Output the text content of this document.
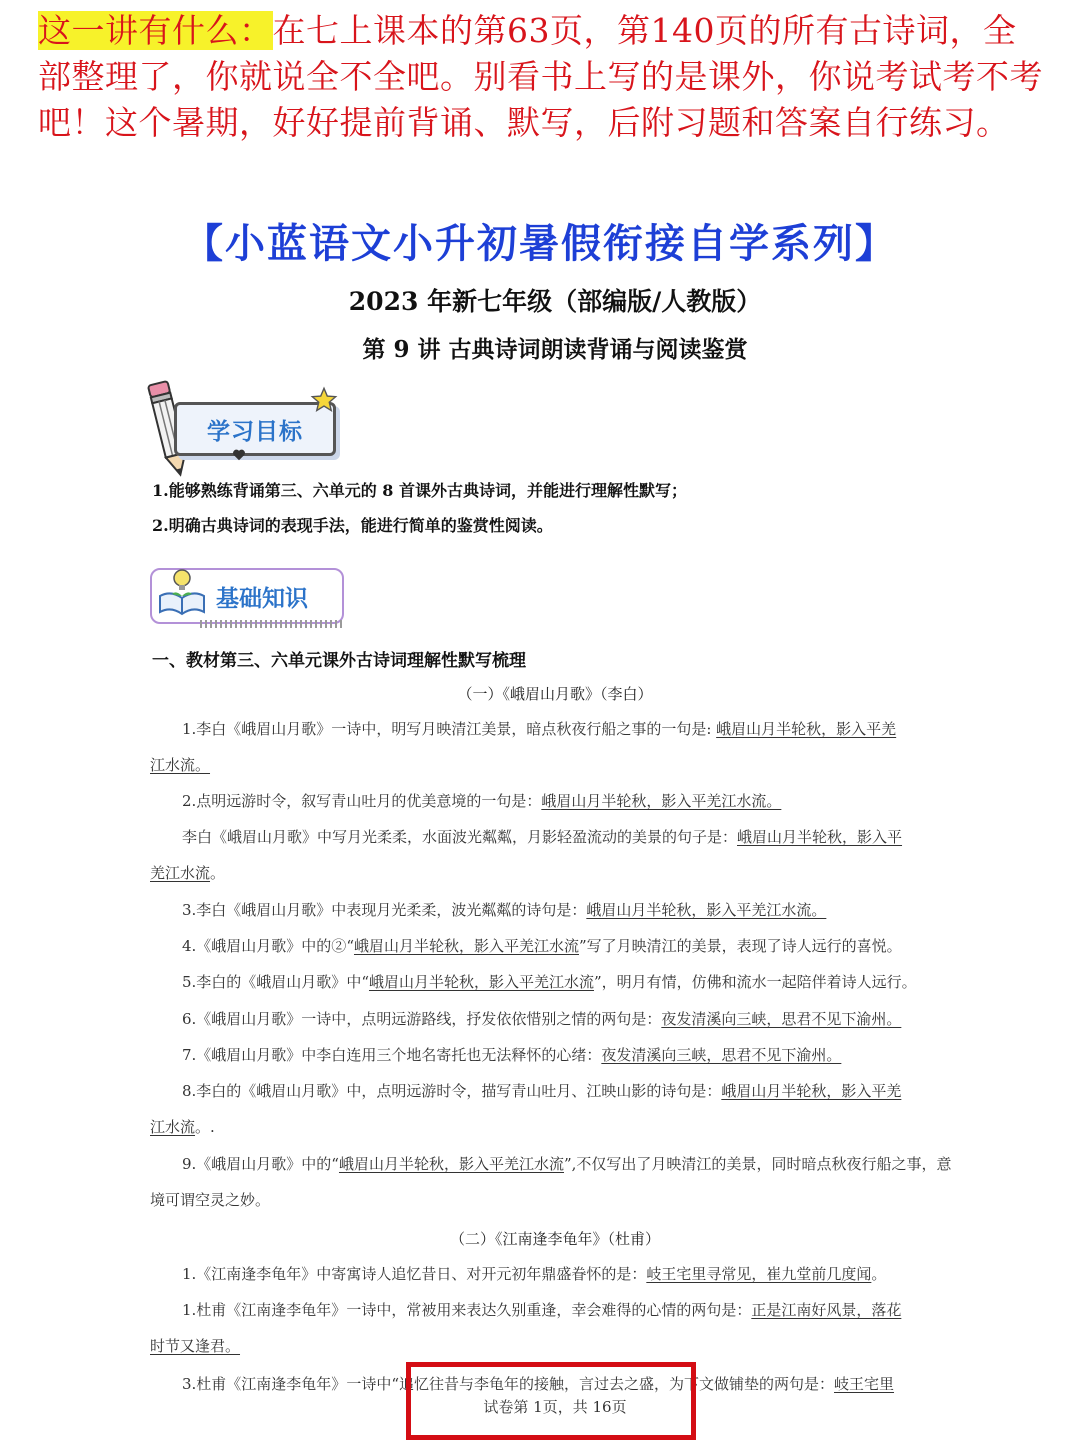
这一讲有什么：在七上课本的第63页，第140页的所有古诗词，全部整理了，你就说全不全吧。别看书上写的是课外，你说考试考不考吧！这个暑期，好好提前背诵、默写，后附习题和答案自行练习。
【小蓝语文小升初暑假衔接自学系列】
2023 年新七年级（部编版/人教版）
第 9 讲 古典诗词朗读背诵与阅读鉴赏
学习目标
1.能够熟练背诵第三、六单元的 8 首课外古典诗词，并能进行理解性默写；
2.明确古典诗词的表现手法，能进行简单的鉴赏性阅读。
基础知识
一、教材第三、六单元课外古诗词理解性默写梳理
（一）《峨眉山月歌》（李白）
1.李白《峨眉山月歌》一诗中，明写月映清江美景，暗点秋夜行船之事的一句是: 峨眉山月半轮秋，影入平羌
江水流。
2.点明远游时令，叙写青山吐月的优美意境的一句是：峨眉山月半轮秋，影入平羌江水流。
李白《峨眉山月歌》中写月光柔柔，水面波光粼粼，月影轻盈流动的美景的句子是：峨眉山月半轮秋，影入平
羌江水流。
3.李白《峨眉山月歌》中表现月光柔柔，波光粼粼的诗句是：峨眉山月半轮秋，影入平羌江水流。
4.《峨眉山月歌》中的②“峨眉山月半轮秋，影入平羌江水流”写了月映清江的美景，表现了诗人远行的喜悦。
5.李白的《峨眉山月歌》中“峨眉山月半轮秋，影入平羌江水流”，明月有情，仿佛和流水一起陪伴着诗人远行。
6.《峨眉山月歌》一诗中，点明远游路线，抒发依依惜别之情的两句是：夜发清溪向三峡，思君不见下渝州。
7.《峨眉山月歌》中李白连用三个地名寄托也无法释怀的心绪：夜发清溪向三峡，思君不见下渝州。
8.李白的《峨眉山月歌》中，点明远游时令，描写青山吐月、江映山影的诗句是：峨眉山月半轮秋，影入平羌
江水流。.
9.《峨眉山月歌》中的“峨眉山月半轮秋，影入平羌江水流”,不仅写出了月映清江的美景，同时暗点秋夜行船之事，意境可谓空灵之妙。
（二）《江南逢李龟年》（杜甫）
1.《江南逢李龟年》中寄寓诗人追忆昔日、对开元初年鼎盛眷怀的是：岐王宅里寻常见，崔九堂前几度闻。
1.杜甫《江南逢李龟年》一诗中，常被用来表达久别重逢，幸会难得的心情的两句是：正是江南好风景，落花
时节又逢君。
3.杜甫《江南逢李龟年》一诗中“追忆往昔与李龟年的接触，言过去之盛，为下文做铺垫的两句是：岐王宅里
试卷第 1页，共 16页
